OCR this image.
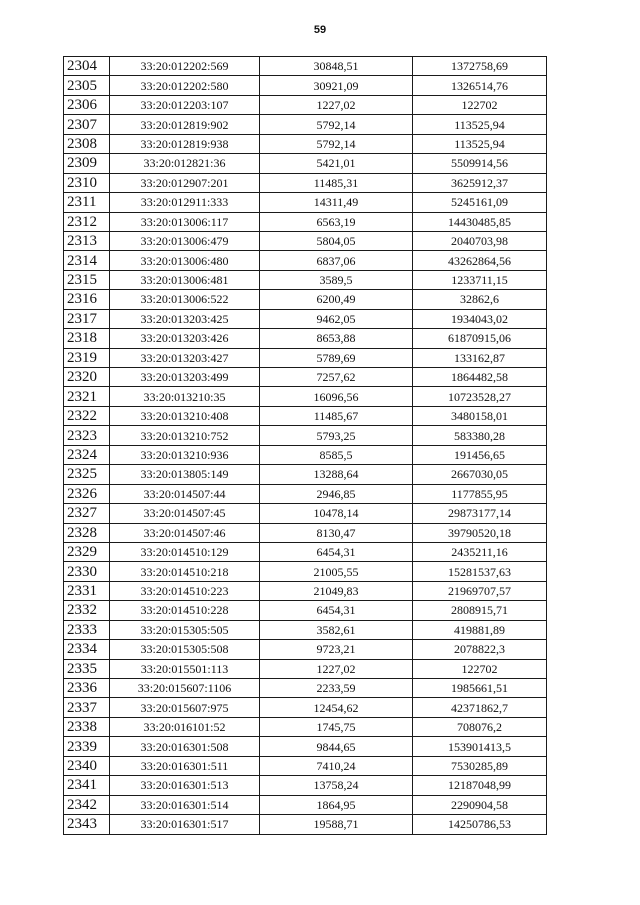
59
2304	33:20:012202:569	30848,51	1372758,69
2305	33:20:012202:580	30921,09	1326514,76
2306	33:20:012203:107	1227,02	122702
2307	33:20:012819:902	5792,14	113525,94
2308	33:20:012819:938	5792,14	113525,94
2309	33:20:012821:36	5421,01	5509914,56
2310	33:20:012907:201	11485,31	3625912,37
2311	33:20:012911:333	14311,49	5245161,09
2312	33:20:013006:117	6563,19	14430485,85
2313	33:20:013006:479	5804,05	2040703,98
2314	33:20:013006:480	6837,06	43262864,56
2315	33:20:013006:481	3589,5	1233711,15
2316	33:20:013006:522	6200,49	32862,6
2317	33:20:013203:425	9462,05	1934043,02
2318	33:20:013203:426	8653,88	61870915,06
2319	33:20:013203:427	5789,69	133162,87
2320	33:20:013203:499	7257,62	1864482,58
2321	33:20:013210:35	16096,56	10723528,27
2322	33:20:013210:408	11485,67	3480158,01
2323	33:20:013210:752	5793,25	583380,28
2324	33:20:013210:936	8585,5	191456,65
2325	33:20:013805:149	13288,64	2667030,05
2326	33:20:014507:44	2946,85	1177855,95
2327	33:20:014507:45	10478,14	29873177,14
2328	33:20:014507:46	8130,47	39790520,18
2329	33:20:014510:129	6454,31	2435211,16
2330	33:20:014510:218	21005,55	15281537,63
2331	33:20:014510:223	21049,83	21969707,57
2332	33:20:014510:228	6454,31	2808915,71
2333	33:20:015305:505	3582,61	419881,89
2334	33:20:015305:508	9723,21	2078822,3
2335	33:20:015501:113	1227,02	122702
2336	33:20:015607:1106	2233,59	1985661,51
2337	33:20:015607:975	12454,62	42371862,7
2338	33:20:016101:52	1745,75	708076,2
2339	33:20:016301:508	9844,65	153901413,5
2340	33:20:016301:511	7410,24	7530285,89
2341	33:20:016301:513	13758,24	12187048,99
2342	33:20:016301:514	1864,95	2290904,58
2343	33:20:016301:517	19588,71	14250786,53
